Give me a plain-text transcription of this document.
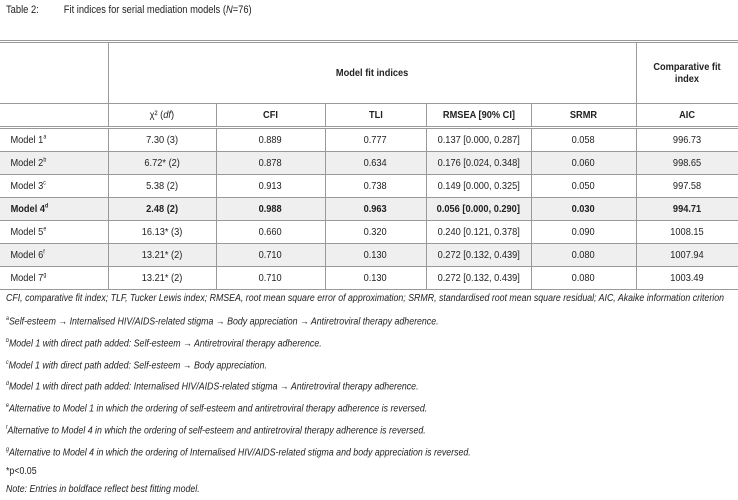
Table 2: Fit indices for serial mediation models (N=76)
	Model fit indices					Comparative fit index
	χ² (df)	CFI	TLI	RMSEA [90% CI]	SRMR	AIC
Model 1$^a$	7.30 (3)	0.889	0.777	0.137 [0.000, 0.287]	0.058	996.73
Model 2$^b$	6.72* (2)	0.878	0.634	0.176 [0.024, 0.348]	0.060	998.65
Model 3$^c$	5.38 (2)	0.913	0.738	0.149 [0.000, 0.325]	0.050	997.58
Model 4$^d$	2.48 (2)	0.988	0.963	0.056 [0.000, 0.290]	0.030	994.71
Model 5e	16.13* (3)	0.660	0.320	0.240 [0.121, 0.378]	0.090	1008.15
Model 6$^f$	13.21* (2)	0.710	0.130	0.272 [0.132, 0.439]	0.080	1007.94
Model 7$^g$	13.21* (2)	0.710	0.130	0.272 [0.132, 0.439]	0.080	1003.49
CFI, comparative fit index; TLF, Tucker Lewis index; RMSEA, root mean square error of approximation; SRMR, standardised root mean square residual; AIC, Akaike information criterion
$^a$Self-esteem → Internalised HIV/AIDS-related stigma → Body appreciation → Antiretroviral therapy adherence.
$^b$Model 1 with direct path added: Self-esteem → Antiretroviral therapy adherence.
$^c$Model 1 with direct path added: Self-esteem → Body appreciation.
$^d$Model 1 with direct path added: Internalised HIV/AIDS-related stigma → Antiretroviral therapy adherence.
$^e$Alternative to Model 1 in which the ordering of self-esteem and antiretroviral therapy adherence is reversed.
$^f$Alternative to Model 4 in which the ordering of self-esteem and antiretroviral therapy adherence is reversed.
$^g$Alternative to Model 4 in which the ordering of Internalised HIV/AIDS-related stigma and body appreciation is reversed.
*p<0.05
Note: Entries in boldface reflect best fitting model.
